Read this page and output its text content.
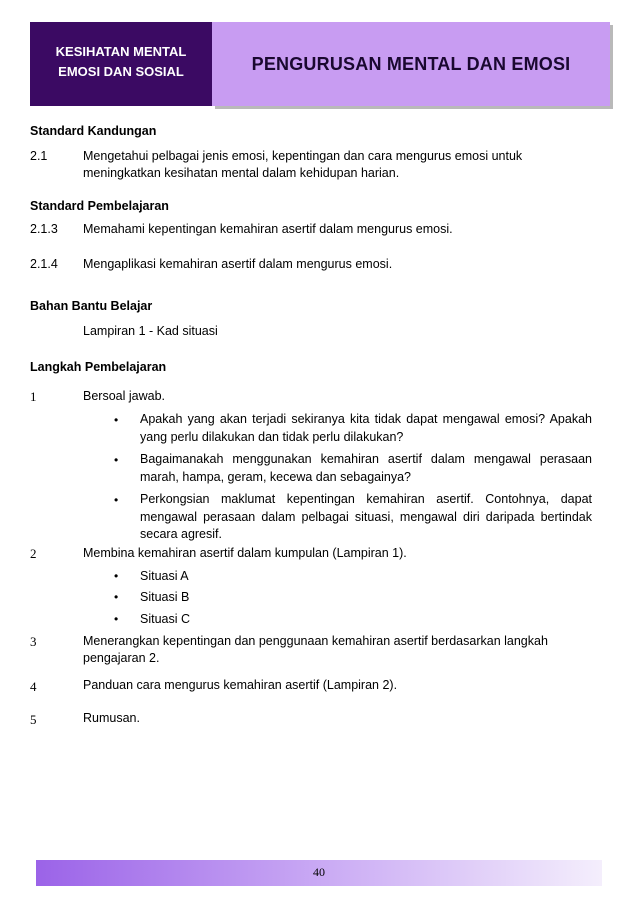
KESIHATAN MENTAL
EMOSI DAN SOSIAL	PENGURUSAN MENTAL DAN EMOSI
Standard Kandungan
2.1	Mengetahui pelbagai jenis emosi, kepentingan dan cara mengurus emosi untuk meningkatkan kesihatan mental dalam kehidupan harian.
Standard Pembelajaran
2.1.3 Memahami kepentingan kemahiran asertif dalam mengurus emosi.
2.1.4 Mengaplikasi kemahiran asertif dalam mengurus emosi.
Bahan Bantu Belajar
Lampiran 1 - Kad situasi
Langkah Pembelajaran
1	Bersoal jawab.
• Apakah yang akan terjadi sekiranya kita tidak dapat mengawal emosi? Apakah yang perlu dilakukan dan tidak perlu dilakukan?
• Bagaimanakah menggunakan kemahiran asertif dalam mengawal perasaan marah, hampa, geram, kecewa dan sebagainya?
• Perkongsian maklumat kepentingan kemahiran asertif. Contohnya, dapat mengawal perasaan dalam pelbagai situasi, mengawal diri daripada bertindak secara agresif.
2	Membina kemahiran asertif dalam kumpulan (Lampiran 1).
• Situasi A
• Situasi B
• Situasi C
3	Menerangkan kepentingan dan penggunaan kemahiran asertif berdasarkan langkah pengajaran 2.
4	Panduan cara mengurus kemahiran asertif (Lampiran 2).
5	Rumusan.
40
